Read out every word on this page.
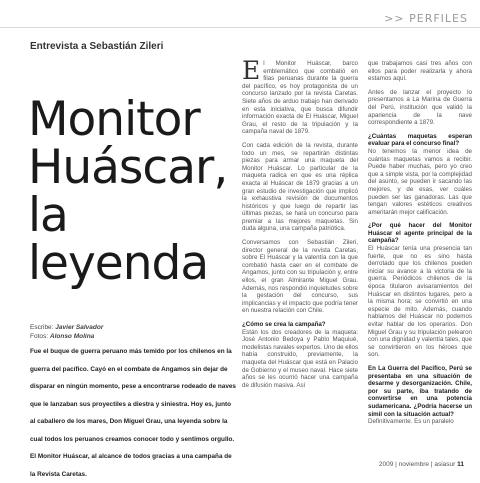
>> PERFILES
Entrevista a Sebastián Zileri
Monitor
Huáscar,
la
leyenda
Escribe: Javier Salvador
Fotos: Alonso Molina

Fue el buque de guerra peruano más temido por los chilenos en la guerra del pacífico. Cayó en el combate de Angamos sin dejar de disparar en ningún momento, pese a encontrarse rodeado de naves que le lanzaban sus proyectiles a diestra y siniestra. Hoy es, junto al caballero de los mares, Don Miguel Grau, una leyenda sobre la cual todos los peruanos creamos conocer todo y sentimos orgullo. El Monitor Huáscar, al alcance de todos gracias a una campaña de la Revista Caretas.

El Monitor Huáscar, barco emblemático que combatió en filas peruanas durante la guerra del pacífico, es hoy protagonista de un concurso lanzado por la revista Caretas. Siete años de arduo trabajo han derivado en esta iniciativa, que busca difundir información exacta de El Huáscar, Miguel Grau, el resto de la tripulación y la campaña naval de 1879.

Con cada edición de la revista, durante todo un mes, se repartirán distintas piezas para armar una maqueta del Monitor Huáscar. Lo particular de la maqueta radica en que es una réplica exacta al Huáscar de 1879 gracias a un gran estudio de investigación que implicó la exhaustiva revisión de documentos históricos y que luego de repartir las últimas piezas, se hará un concurso para premiar a las mejores maquetas. Sin duda alguna, una campaña patriótica.

Conversamos con Sebastián Zileri, director general de la revista Caretas, sobre El Huáscar y la valentía con la que combatió hasta caer en el combate de Angamos, junto con su tripulación y, entre ellos, el gran Almirante Miguel Grau. Además, nos respondió inquietudes sobre la gestación del concurso, sus implicancias y el impacto que podría tener en nuestra relación con Chile.

¿Cómo se crea la campaña?

Están los dos creadores de la maqueta: José Antonio Bedoya y Pablo Maquiué, modelistas navales expertos. Uno de ellos había construido, previamente, la maqueta del Huáscar que está en Palacio de Gobierno y el museo naval. Hace siete años se les ocurrió hacer una campaña de difusión masiva. Así

que trabajamos casi tres años con ellos para poder realizarla y ahora estamos aquí.

Antes de lanzar el proyecto lo presentamos a La Marina de Guerra del Perú, institución que validó la apariencia de la nave correspondiente a 1879.

¿Cuántas maquetas esperan evaluar para el concurso final?

No tenemos la menor idea de cuántas maquetas vamos a recibir. Puede haber muchas, pero yo creo que a simple vista, por la complejidad del asunto, se pueden ir sacando las mejores, y de esas, ver cuáles pueden ser las ganadoras. Las que tengan valores estéticos creativos ameritarán mejor calificación.

¿Por qué hacer del Monitor Huáscar el agente principal de la campaña?

El Huáscar tenía una presencia tan fuerte, que no es sino hasta derrotado que los chilenos pueden iniciar su avance a la victoria de la guerra. Periódicos chilenos de la época titularon avisaramientos del Huáscar en distintos lugares, pero a la misma hora; se convirtió en una especie de mito. Además, cuando hablamos del Huáscar no podemos evitar hablar de los operarios. Don Miguel Grau y su tripulación pelearon con una dignidad y valentía tales, que se convirtieron en los héroes que son.

En La Guerra del Pacífico, Perú se presentaba en una situación de desarme y desorganización. Chile, por su parte, iba tratando de convertirse en una potencia sudamericana. ¿Podría hacerse un símil con la situación actual?

Definitivamente. Es un paralelo

2009 | noviembre | asiasur 11
